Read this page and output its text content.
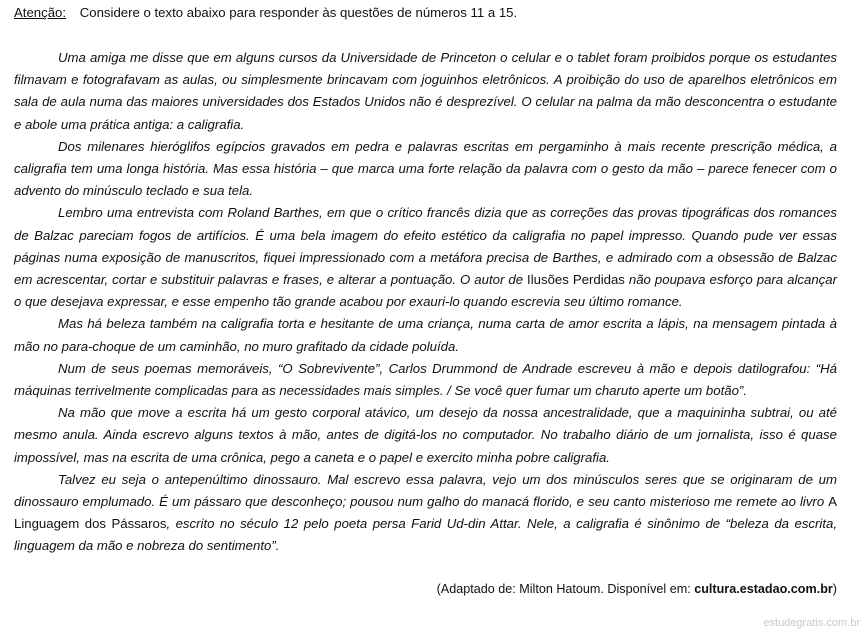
Atenção: Considere o texto abaixo para responder às questões de números 11 a 15.

Uma amiga me disse que em alguns cursos da Universidade de Princeton o celular e o tablet foram proibidos porque os estudantes filmavam e fotografavam as aulas, ou simplesmente brincavam com joguinhos eletrônicos. A proibição do uso de aparelhos eletrônicos em sala de aula numa das maiores universidades dos Estados Unidos não é desprezível. O celular na palma da mão desconcentra o estudante e abole uma prática antiga: a caligrafia.

Dos milenares hieróglifos egípcios gravados em pedra e palavras escritas em pergaminho à mais recente prescrição médica, a caligrafia tem uma longa história. Mas essa história – que marca uma forte relação da palavra com o gesto da mão – parece fenecer com o advento do minúsculo teclado e sua tela.

Lembro uma entrevista com Roland Barthes, em que o crítico francês dizia que as correções das provas tipográficas dos romances de Balzac pareciam fogos de artifícios. É uma bela imagem do efeito estético da caligrafia no papel impresso. Quando pude ver essas páginas numa exposição de manuscritos, fiquei impressionado com a metáfora precisa de Barthes, e admirado com a obsessão de Balzac em acrescentar, cortar e substituir palavras e frases, e alterar a pontuação. O autor de Ilusões Perdidas não poupava esforço para alcançar o que desejava expressar, e esse empenho tão grande acabou por exauri-lo quando escrevia seu último romance.

Mas há beleza também na caligrafia torta e hesitante de uma criança, numa carta de amor escrita a lápis, na mensagem pintada à mão no para-choque de um caminhão, no muro grafitado da cidade poluída.

Num de seus poemas memoráveis, “O Sobrevivente”, Carlos Drummond de Andrade escreveu à mão e depois datilografou: “Há máquinas terrivelmente complicadas para as necessidades mais simples. / Se você quer fumar um charuto aperte um botão”.

Na mão que move a escrita há um gesto corporal atávico, um desejo da nossa ancestralidade, que a maquininha subtrai, ou até mesmo anula. Ainda escrevo alguns textos à mão, antes de digitá-los no computador. No trabalho diário de um jornalista, isso é quase impossível, mas na escrita de uma crônica, pego a caneta e o papel e exercito minha pobre caligrafia.

Talvez eu seja o antepenúltimo dinossauro. Mal escrevo essa palavra, vejo um dos minúsculos seres que se originaram de um dinossauro emplumado. É um pássaro que desconheço; pousou num galho do manacá florido, e seu canto misterioso me remete ao livro A Linguagem dos Pássaros, escrito no século 12 pelo poeta persa Farid Ud-din Attar. Nele, a caligrafia é sinônimo de “beleza da escrita, linguagem da mão e nobreza do sentimento”.

(Adaptado de: Milton Hatoum. Disponível em: cultura.estadao.com.br)
estudegratis.com.br
